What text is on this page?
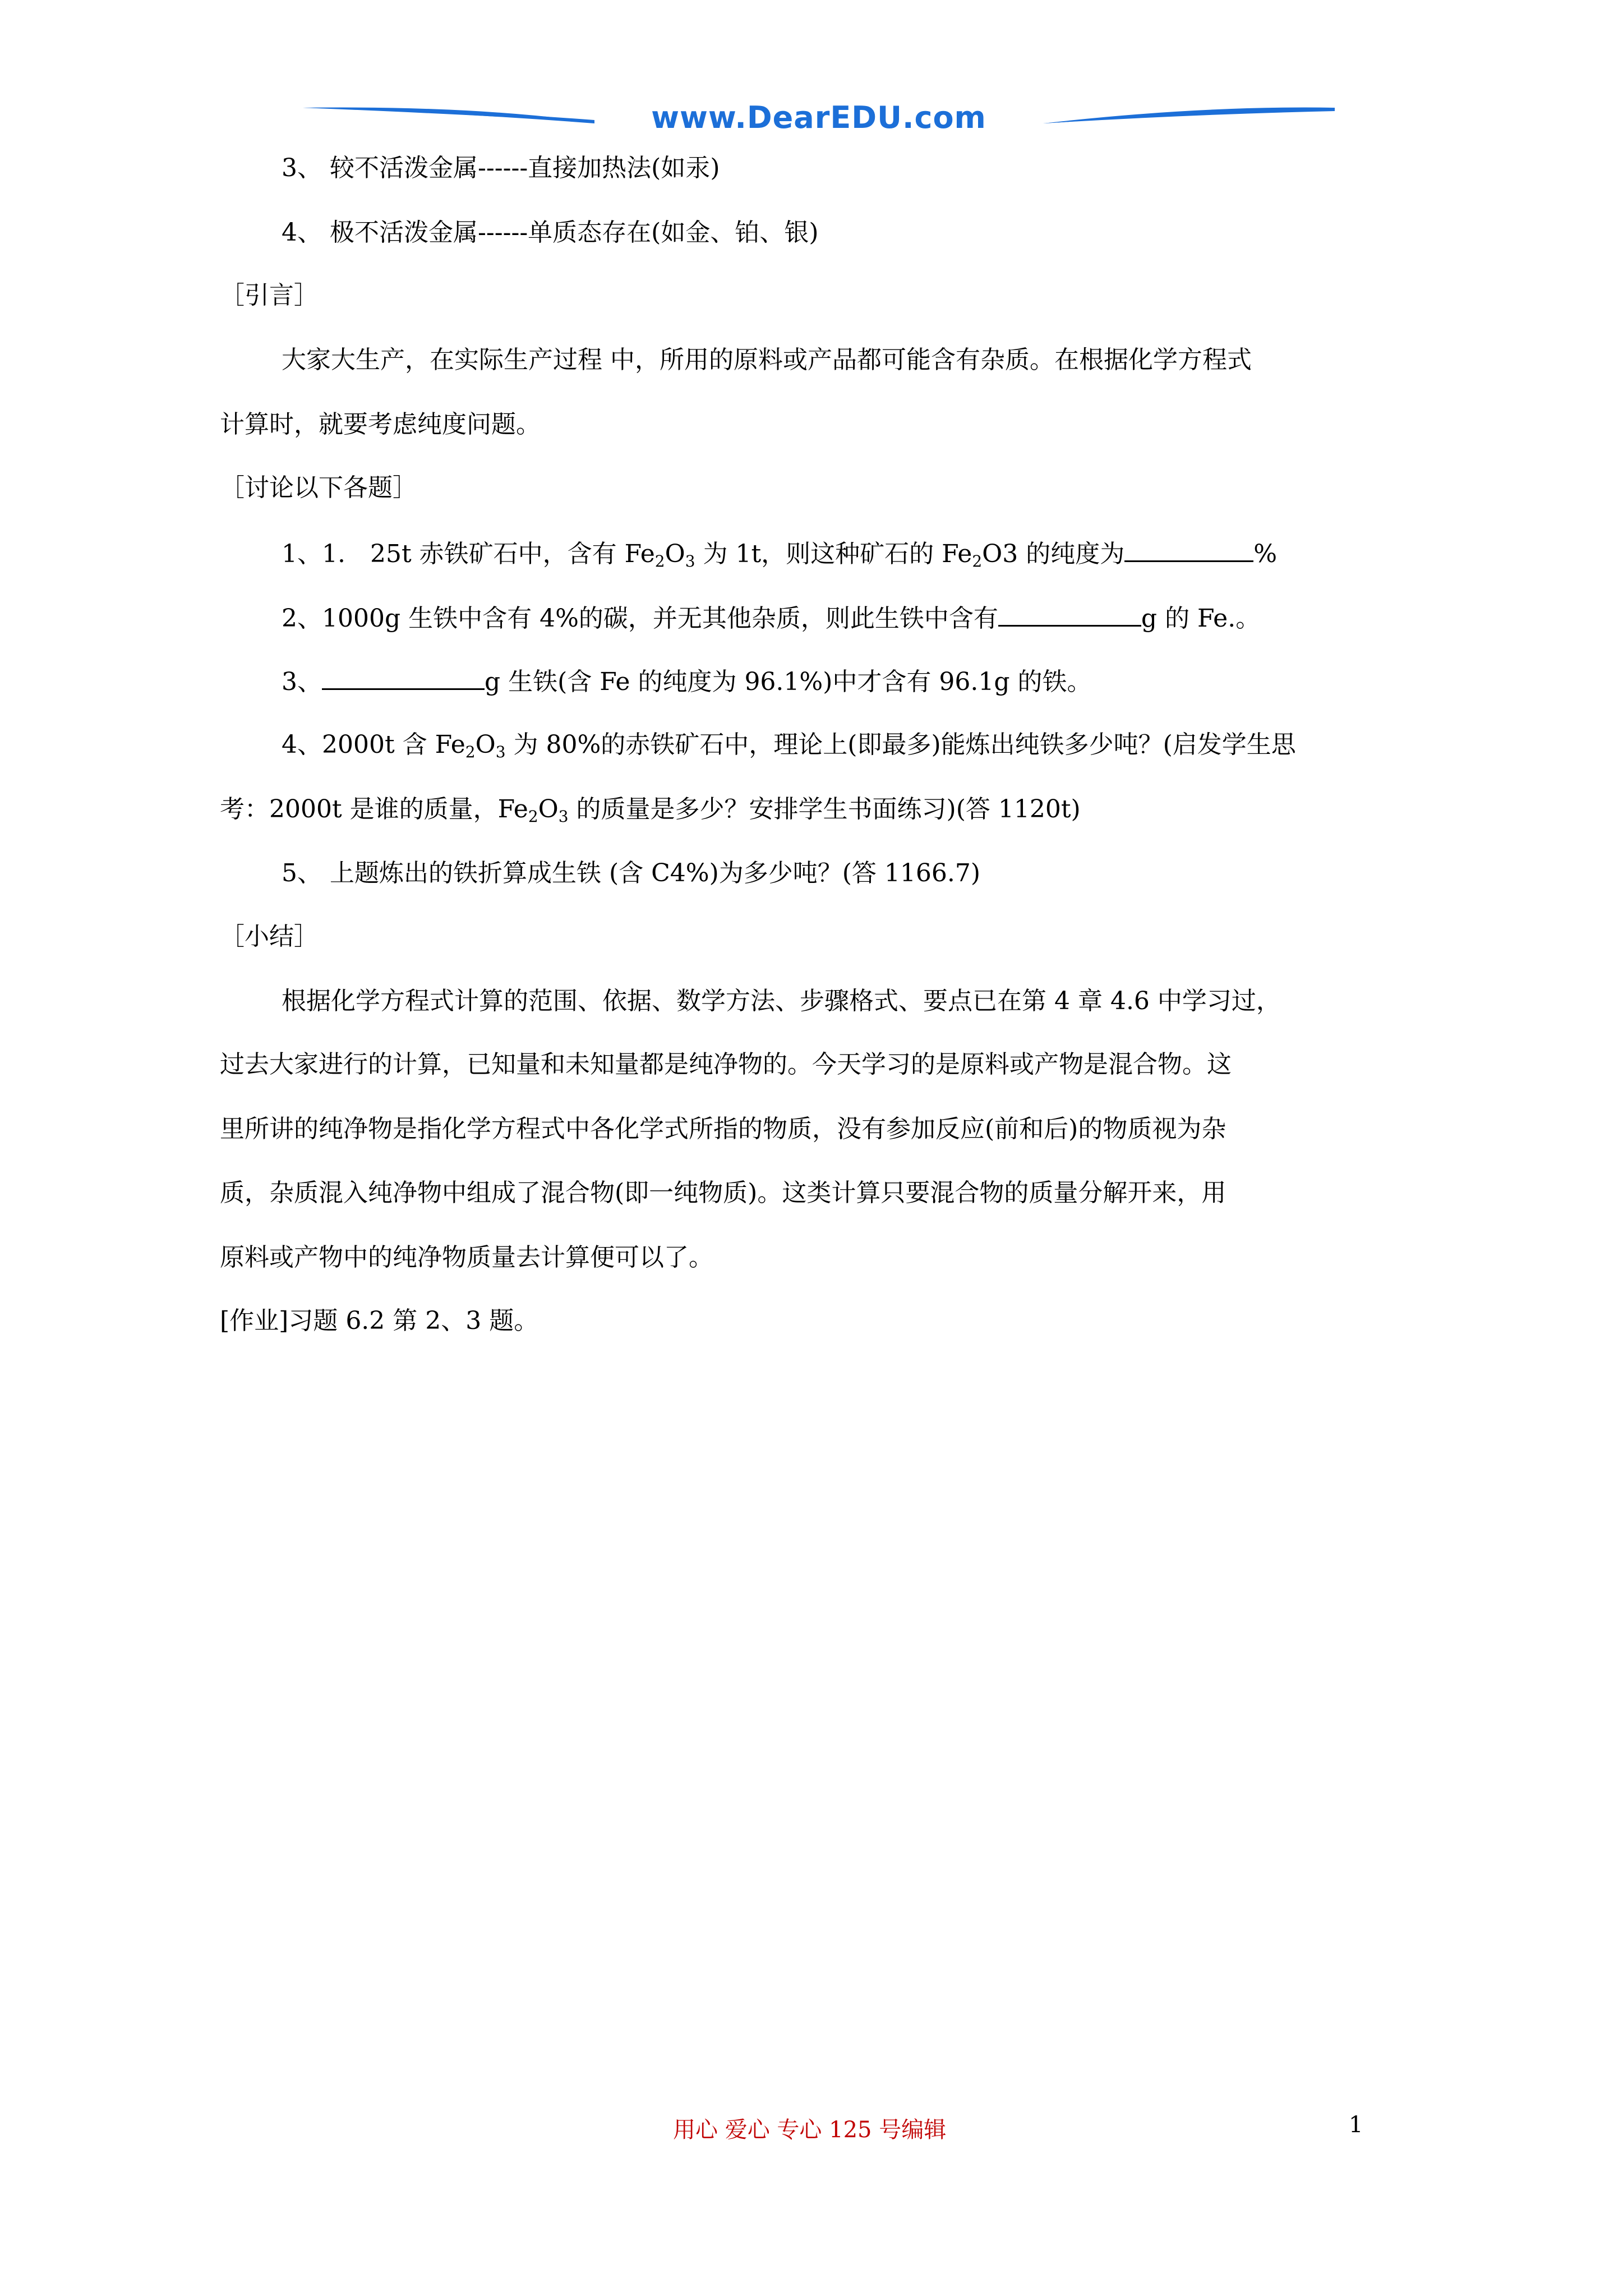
www.DearEDU.com

3、 较不活泼金属------直接加热法(如汞)

4、 极不活泼金属------单质态存在(如金、铂、银)

［引言］

大家大生产，在实际生产过程 中，所用的原料或产品都可能含有杂质。在根据化学方程式

计算时，就要考虑纯度问题。

［讨论以下各题］

1、1.　25t 赤铁矿石中，含有 $Fe_2O_3$ 为 1t，则这种矿石的 $Fe_2O3$ 的纯度为	%

2、1000g 生铁中含有 4%的碳，并无其他杂质，则此生铁中含有	g 的 Fe.。

3、	g 生铁(含 Fe 的纯度为 96.1%)中才含有 96.1g 的铁。

4、2000t 含 $Fe_2O_3$ 为 80%的赤铁矿石中，理论上(即最多)能炼出纯铁多少吨？(启发学生思

考：2000t 是谁的质量，$Fe_2O_3$ 的质量是多少？安排学生书面练习)(答 1120t)

5、 上题炼出的铁折算成生铁 (含 C4%)为多少吨？(答 1166.7)

［小结］

根据化学方程式计算的范围、依据、数学方法、步骤格式、要点已在第 4 章 4.6 中学习过，

过去大家进行的计算，已知量和未知量都是纯净物的。今天学习的是原料或产物是混合物。这

里所讲的纯净物是指化学方程式中各化学式所指的物质，没有参加反应(前和后)的物质视为杂

质，杂质混入纯净物中组成了混合物(即一纯物质)。这类计算只要混合物的质量分解开来，用

原料或产物中的纯净物质量去计算便可以了。

[作业]习题 6.2 第 2、3 题。

用心 爱心 专心 125 号编辑	1
